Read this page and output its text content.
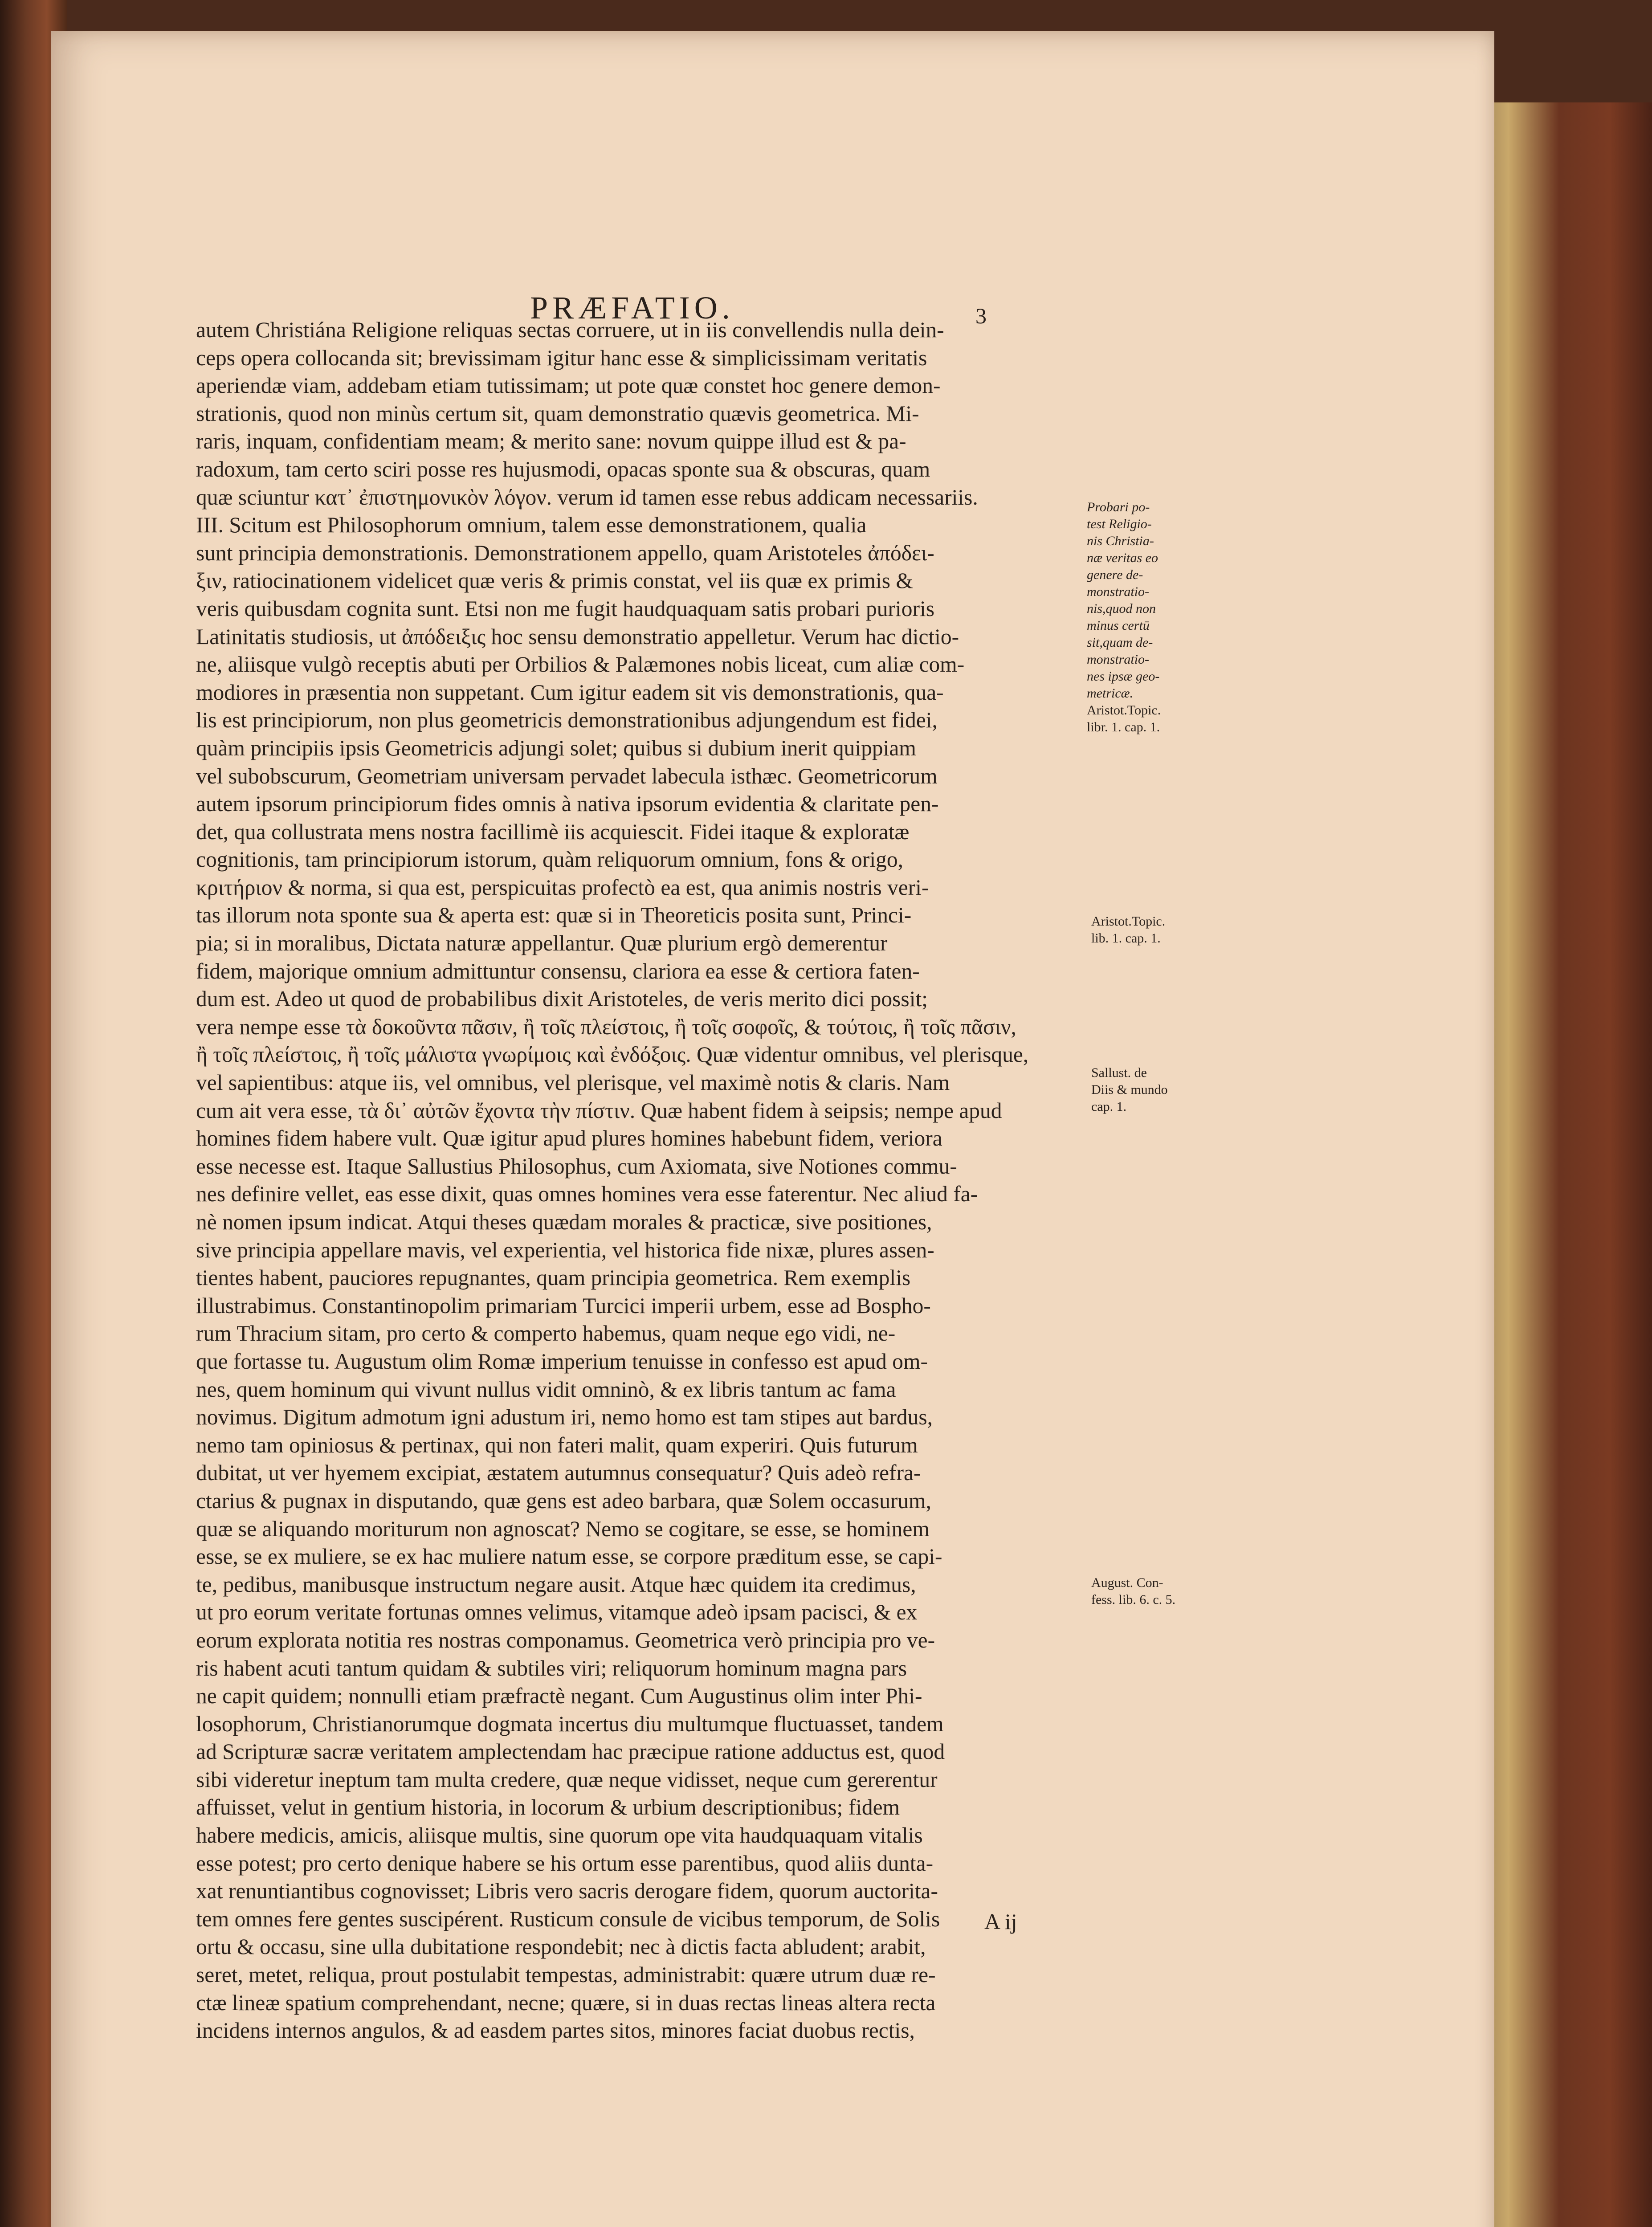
PRÆFATIO.	3
autem Christiána Religione reliquas sectas corruere, ut in iis convellendis nulla dein-
ceps opera collocanda sit; brevissimam igitur hanc esse & simplicissimam veritatis
aperiendæ viam, addebam etiam tutissimam; ut pote quæ constet hoc genere demon-
strationis, quod non minùs certum sit, quam demonstratio quævis geometrica. Mi-
raris, inquam, confidentiam meam; & merito sane: novum quippe illud est & pa-
radoxum, tam certo sciri posse res hujusmodi, opacas sponte sua & obscuras, quam
quæ sciuntur κατ᾽ ἐπιστημονικὸν λόγον. verum id tamen esse rebus addicam necessariis.
III. Scitum est Philosophorum omnium, talem esse demonstrationem, qualia
sunt principia demonstrationis. Demonstrationem appello, quam Aristoteles ἀπόδει-
ξιν, ratiocinationem videlicet quæ veris & primis constat, vel iis quæ ex primis &
veris quibusdam cognita sunt. Etsi non me fugit haudquaquam satis probari purioris
Latinitatis studiosis, ut ἀπόδειξις hoc sensu demonstratio appelletur. Verum hac dictio-
ne, aliisque vulgò receptis abuti per Orbilios & Palæmones nobis liceat, cum aliæ com-
modiores in præsentia non suppetant. Cum igitur eadem sit vis demonstrationis, qua-
lis est principiorum, non plus geometricis demonstrationibus adjungendum est fidei,
quàm principiis ipsis Geometricis adjungi solet; quibus si dubium inerit quippiam
vel subobscurum, Geometriam universam pervadet labecula isthæc. Geometricorum
autem ipsorum principiorum fides omnis à nativa ipsorum evidentia & claritate pen-
det, qua collustrata mens nostra facillimè iis acquiescit. Fidei itaque & exploratæ
cognitionis, tam principiorum istorum, quàm reliquorum omnium, fons & origo,
κριτήριον & norma, si qua est, perspicuitas profectò ea est, qua animis nostris veri-
tas illorum nota sponte sua & aperta est: quæ si in Theoreticis posita sunt, Princi-
pia; si in moralibus, Dictata naturæ appellantur. Quæ plurium ergò demerentur
fidem, majorique omnium admittuntur consensu, clariora ea esse & certiora faten-
dum est. Adeo ut quod de probabilibus dixit Aristoteles, de veris merito dici possit;
vera nempe esse τὰ δοκοῦντα πᾶσιν, ἢ τοῖς πλείστοις, ἢ τοῖς σοφοῖς, & τούτοις, ἢ τοῖς πᾶσιν,
ἢ τοῖς πλείστοις, ἢ τοῖς μάλιστα γνωρίμοις καὶ ἐνδόξοις. Quæ videntur omnibus, vel plerisque,
vel sapientibus: atque iis, vel omnibus, vel plerisque, vel maximè notis & claris. Nam
cum ait vera esse, τὰ δι᾽ αὐτῶν ἔχοντα τὴν πίστιν. Quæ habent fidem à seipsis; nempe apud
homines fidem habere vult. Quæ igitur apud plures homines habebunt fidem, veriora
esse necesse est. Itaque Sallustius Philosophus, cum Axiomata, sive Notiones commu-
nes definire vellet, eas esse dixit, quas omnes homines vera esse faterentur. Nec aliud fa-
nè nomen ipsum indicat. Atqui theses quædam morales & practicæ, sive positiones,
sive principia appellare mavis, vel experientia, vel historica fide nixæ, plures assen-
tientes habent, pauciores repugnantes, quam principia geometrica. Rem exemplis
illustrabimus. Constantinopolim primariam Turcici imperii urbem, esse ad Bospho-
rum Thracium sitam, pro certo & comperto habemus, quam neque ego vidi, ne-
que fortasse tu. Augustum olim Romæ imperium tenuisse in confesso est apud om-
nes, quem hominum qui vivunt nullus vidit omninò, & ex libris tantum ac fama
novimus. Digitum admotum igni adustum iri, nemo homo est tam stipes aut bardus,
nemo tam opiniosus & pertinax, qui non fateri malit, quam experiri. Quis futurum
dubitat, ut ver hyemem excipiat, æstatem autumnus consequatur? Quis adeò refra-
ctarius & pugnax in disputando, quæ gens est adeo barbara, quæ Solem occasurum,
quæ se aliquando moriturum non agnoscat? Nemo se cogitare, se esse, se hominem
esse, se ex muliere, se ex hac muliere natum esse, se corpore præditum esse, se capi-
te, pedibus, manibusque instructum negare ausit. Atque hæc quidem ita credimus,
ut pro eorum veritate fortunas omnes velimus, vitamque adeò ipsam pacisci, & ex
eorum explorata notitia res nostras componamus. Geometrica verò principia pro ve-
ris habent acuti tantum quidam & subtiles viri; reliquorum hominum magna pars
ne capit quidem; nonnulli etiam præfractè negant. Cum Augustinus olim inter Phi-
losophorum, Christianorumque dogmata incertus diu multumque fluctuasset, tandem
ad Scripturæ sacræ veritatem amplectendam hac præcipue ratione adductus est, quod
sibi videretur ineptum tam multa credere, quæ neque vidisset, neque cum gererentur
affuisset, velut in gentium historia, in locorum & urbium descriptionibus; fidem
habere medicis, amicis, aliisque multis, sine quorum ope vita haudquaquam vitalis
esse potest; pro certo denique habere se his ortum esse parentibus, quod aliis dunta-
xat renuntiantibus cognovisset; Libris vero sacris derogare fidem, quorum auctorita-
tem omnes fere gentes suscipérent. Rusticum consule de vicibus temporum, de Solis
ortu & occasu, sine ulla dubitatione respondebit; nec à dictis facta abludent; arabit,
seret, metet, reliqua, prout postulabit tempestas, administrabit: quære utrum duæ re-
ctæ lineæ spatium comprehendant, necne; quære, si in duas rectas lineas altera recta
incidens internos angulos, & ad easdem partes sitos, minores faciat duobus rectis,
Probari po-
test Religio-
nis Christia-
næ veritas eo
genere de-
monstratio-
nis,quod non
minus certū
sit,quam de-
monstratio-
nes ipsæ geo-
metricæ.
Aristot.Topic.
libr. 1. cap. 1.
Aristot.Topic.
lib. 1. cap. 1.
Sallust. de
Diis & mundo
cap. 1.
August. Con-
fess. lib. 6. c. 5.
A ij
